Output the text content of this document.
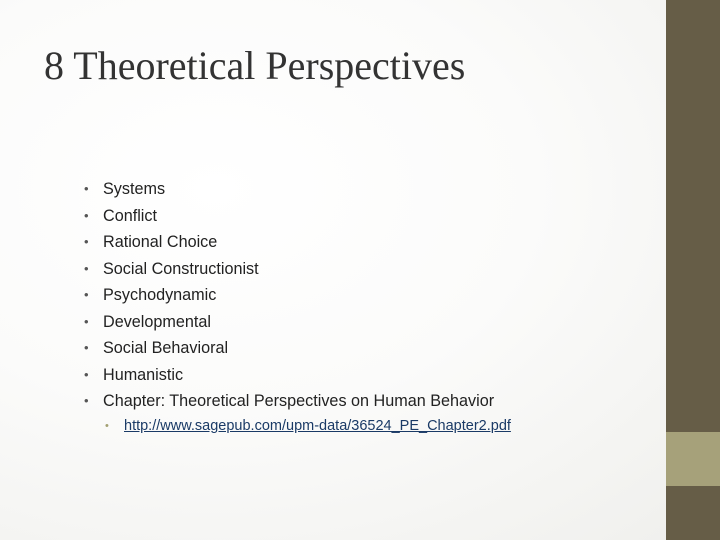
8 Theoretical Perspectives
• Systems
• Conflict
• Rational Choice
• Social Constructionist
• Psychodynamic
• Developmental
• Social Behavioral
• Humanistic
• Chapter: Theoretical Perspectives on Human Behavior
• http://www.sagepub.com/upm-data/36524_PE_Chapter2.pdf
